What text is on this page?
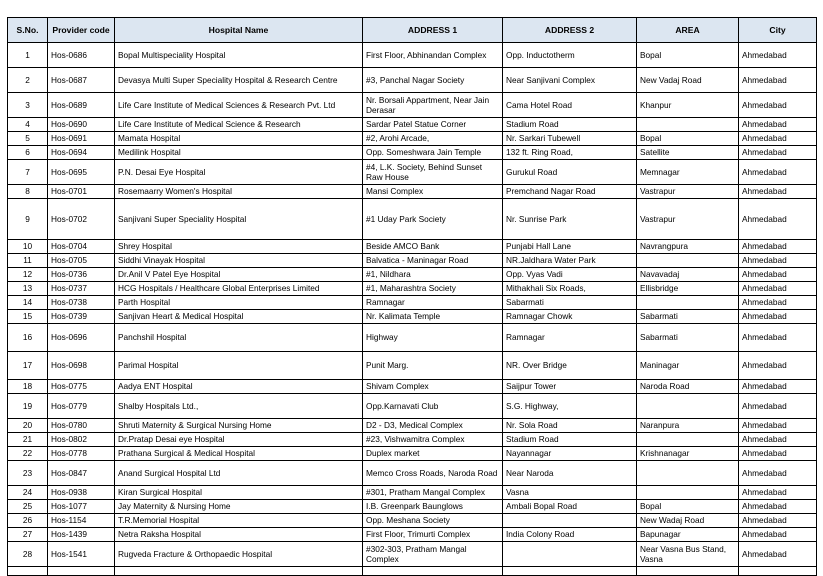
S.No.	Provider code	Hospital Name	ADDRESS 1	ADDRESS 2	AREA	City
1	Hos-0686	Bopal Multispeciality Hospital	First Floor, Abhinandan Complex	Opp. Inductotherm	Bopal	Ahmedabad
2	Hos-0687	Devasya Multi Super Speciality Hospital & Research Centre	#3, Panchal Nagar Society	Near Sanjivani Complex	New Vadaj Road	Ahmedabad
3	Hos-0689	Life Care Institute of Medical Sciences & Research Pvt. Ltd	Nr. Borsali Appartment, Near Jain Derasar	Cama Hotel Road	Khanpur	Ahmedabad
4	Hos-0690	Life Care Institute of Medical Science & Research	Sardar Patel Statue Corner	Stadium Road		Ahmedabad
5	Hos-0691	Mamata Hospital	#2, Arohi Arcade,	Nr. Sarkari Tubewell	Bopal	Ahmedabad
6	Hos-0694	Medilink Hospital	Opp. Someshwara Jain Temple	132 ft. Ring Road,	Satellite	Ahmedabad
7	Hos-0695	P.N. Desai Eye Hospital	#4, L.K. Society, Behind Sunset Raw House	Gurukul Road	Memnagar	Ahmedabad
8	Hos-0701	Rosemaarry Women's Hospital	Mansi Complex	Premchand Nagar Road	Vastrapur	Ahmedabad
9	Hos-0702	Sanjivani Super Speciality Hospital	#1 Uday Park Society	Nr. Sunrise Park	Vastrapur	Ahmedabad
10	Hos-0704	Shrey Hospital	Beside AMCO Bank	Punjabi Hall Lane	Navrangpura	Ahmedabad
11	Hos-0705	Siddhi Vinayak Hospital	Balvatica - Maninagar Road	NR.Jaldhara Water Park		Ahmedabad
12	Hos-0736	Dr.Anil V Patel Eye Hospital	#1, Nildhara	Opp. Vyas Vadi	Navavadaj	Ahmedabad
13	Hos-0737	HCG Hospitals / Healthcare Global Enterprises Limited	#1, Maharashtra Society	Mithakhali Six Roads,	Ellisbridge	Ahmedabad
14	Hos-0738	Parth Hospital	Ramnagar	Sabarmati		Ahmedabad
15	Hos-0739	Sanjivan Heart & Medical Hospital	Nr. Kalimata Temple	Ramnagar Chowk	Sabarmati	Ahmedabad
16	Hos-0696	Panchshil Hospital	Highway	Ramnagar	Sabarmati	Ahmedabad
17	Hos-0698	Parimal Hospital	Punit Marg.	NR. Over Bridge	Maninagar	Ahmedabad
18	Hos-0775	Aadya ENT Hospital	Shivam Complex	Saijpur Tower	Naroda Road	Ahmedabad
19	Hos-0779	Shalby Hospitals Ltd.,	Opp.Karnavati Club	S.G. Highway,		Ahmedabad
20	Hos-0780	Shruti Maternity & Surgical Nursing Home	D2 - D3, Medical Complex	Nr. Sola Road	Naranpura	Ahmedabad
21	Hos-0802	Dr.Pratap Desai eye Hospital	#23, Vishwamitra Complex	Stadium Road		Ahmedabad
22	Hos-0778	Prathana Surgical & Medical Hospital	Duplex market	Nayannagar	Krishnanagar	Ahmedabad
23	Hos-0847	Anand Surgical Hospital Ltd	Memco Cross Roads, Naroda Road	Near Naroda		Ahmedabad
24	Hos-0938	Kiran Surgical Hospital	#301, Pratham Mangal Complex	Vasna		Ahmedabad
25	Hos-1077	Jay Maternity & Nursing Home	I.B. Greenpark Baunglows	Ambali Bopal Road	Bopal	Ahmedabad
26	Hos-1154	T.R.Memorial Hospital	Opp. Meshana Society		New Wadaj Road	Ahmedabad
27	Hos-1439	Netra Raksha Hospital	First Floor, Trimurti Complex	India Colony Road	Bapunagar	Ahmedabad
28	Hos-1541	Rugveda Fracture & Orthopaedic Hospital	#302-303, Pratham Mangal Complex		Near Vasna Bus Stand, Vasna	Ahmedabad
